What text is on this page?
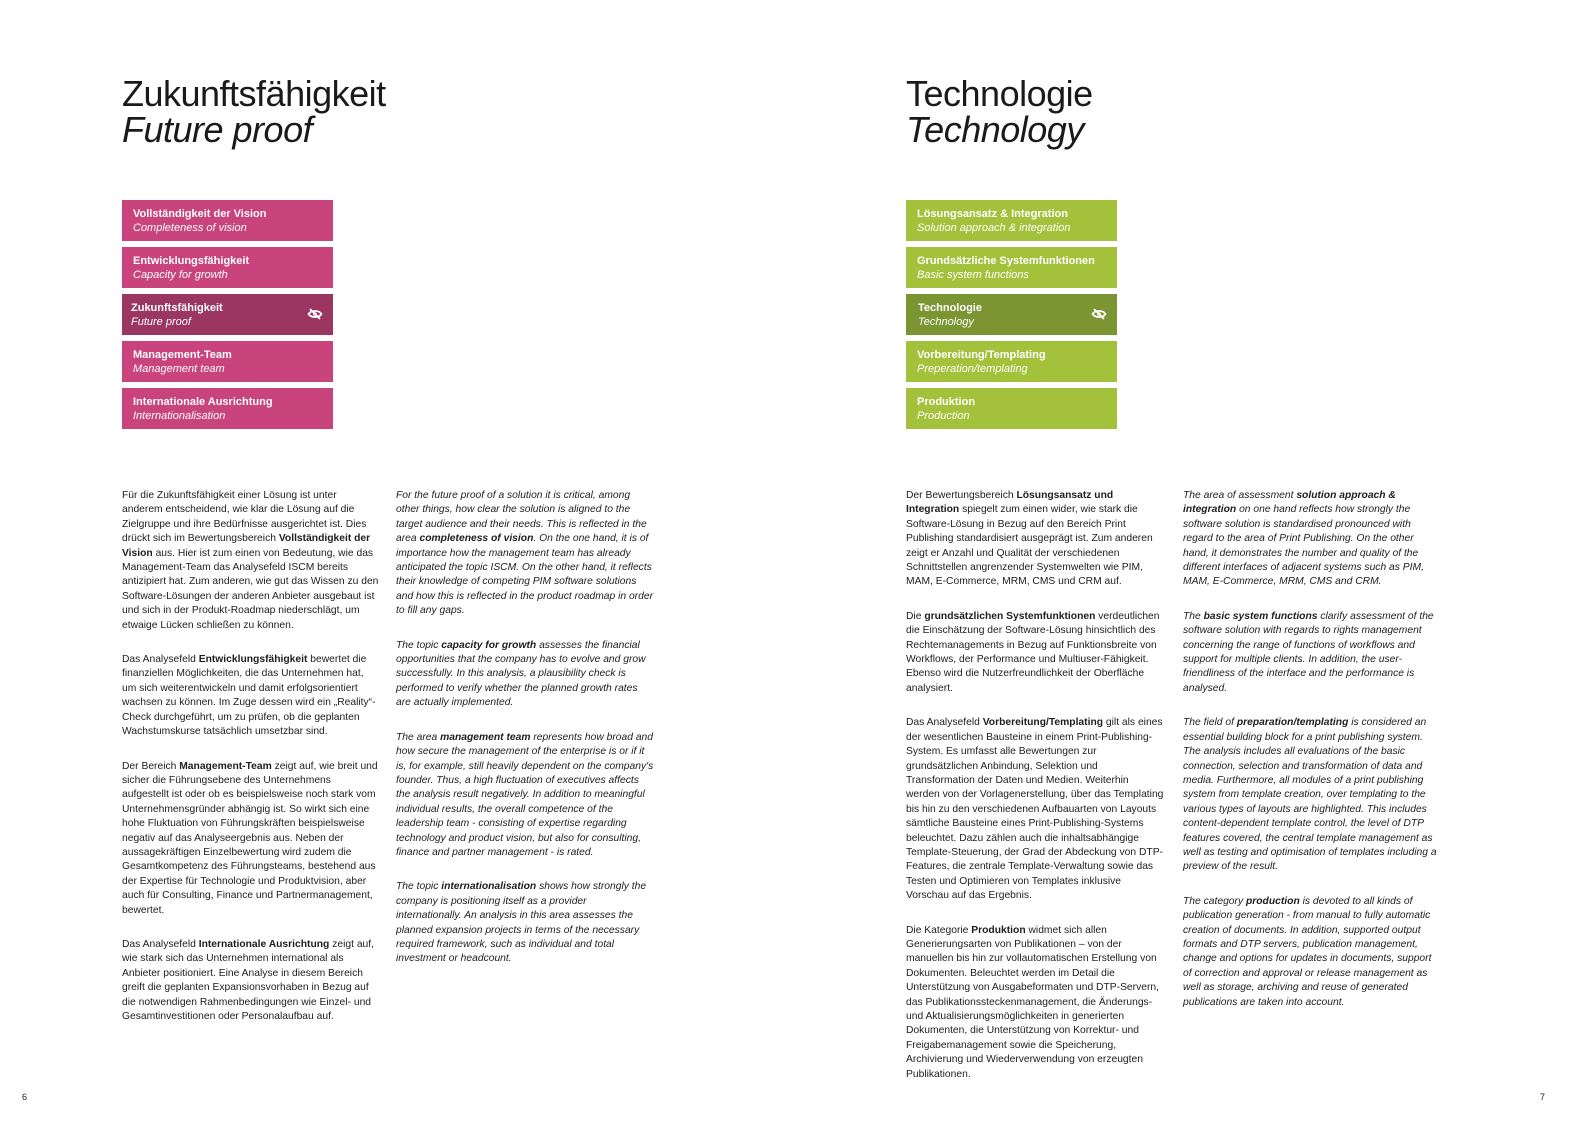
Zukunftsfähigkeit
Future proof
Vollständigkeit der Vision
Completeness of vision
Entwicklungsfähigkeit
Capacity for growth
Zukunftsfähigkeit
Future proof
Management-Team
Management team
Internationale Ausrichtung
Internationalisation

Für die Zukunftsfähigkeit einer Lösung ist unter anderem entscheidend, wie klar die Lösung auf die Zielgruppe und ihre Bedürfnisse ausgerichtet ist. Dies drückt sich im Bewertungsbereich Vollständigkeit der Vision aus. Hier ist zum einen von Bedeutung, wie das Management-Team das Analysefeld ISCM bereits antizipiert hat. Zum anderen, wie gut das Wissen zu den Software-Lösungen der anderen Anbieter ausgebaut ist und sich in der Produkt-Roadmap niederschlägt, um etwaige Lücken schließen zu können.

Das Analysefeld Entwicklungsfähigkeit bewertet die finanziellen Möglichkeiten, die das Unternehmen hat, um sich weiterentwickeln und damit erfolgsorientiert wachsen zu können. Im Zuge dessen wird ein „Reality“-Check durchgeführt, um zu prüfen, ob die geplanten Wachstumskurse tatsächlich umsetzbar sind.

Der Bereich Management-Team zeigt auf, wie breit und sicher die Führungsebene des Unternehmens aufgestellt ist oder ob es beispielsweise noch stark vom Unternehmensgründer abhängig ist. So wirkt sich eine hohe Fluktuation von Führungskräften beispielsweise negativ auf das Analyseergebnis aus. Neben der aussagekräftigen Einzelbewertung wird zudem die Gesamtkompetenz des Führungsteams, bestehend aus der Expertise für Technologie und Produktvision, aber auch für Consulting, Finance und Partnermanagement, bewertet.

Das Analysefeld Internationale Ausrichtung zeigt auf, wie stark sich das Unternehmen international als Anbieter positioniert. Eine Analyse in diesem Bereich greift die geplanten Expansionsvorhaben in Bezug auf die notwendigen Rahmenbedingungen wie Einzel- und Gesamtinvestitionen oder Personalaufbau auf.

For the future proof of a solution it is critical, among other things, how clear the solution is aligned to the target audience and their needs. This is reflected in the area completeness of vision. On the one hand, it is of importance how the management team has already anticipated the topic ISCM. On the other hand, it reflects their knowledge of competing PIM software solutions and how this is reflected in the product roadmap in order to fill any gaps.

The topic capacity for growth assesses the financial opportunities that the company has to evolve and grow successfully. In this analysis, a plausibility check is performed to verify whether the planned growth rates are actually implemented.

The area management team represents how broad and how secure the management of the enterprise is or if it is, for example, still heavily dependent on the company's founder. Thus, a high fluctuation of executives affects the analysis result negatively. In addition to meaningful individual results, the overall competence of the leadership team - consisting of expertise regarding technology and product vision, but also for consulting, finance and partner management - is rated.

The topic internationalisation shows how strongly the company is positioning itself as a provider internationally. An analysis in this area assesses the planned expansion projects in terms of the necessary required framework, such as individual and total investment or headcount.

6
Technologie
Technology
Lösungsansatz & Integration
Solution approach & integration
Grundsätzliche Systemfunktionen
Basic system functions
Technologie
Technology
Vorbereitung/Templating
Preperation/templating
Produktion
Production

Der Bewertungsbereich Lösungsansatz und Integration spiegelt zum einen wider, wie stark die Software-Lösung in Bezug auf den Bereich Print Publishing standardisiert ausgeprägt ist. Zum anderen zeigt er Anzahl und Qualität der verschiedenen Schnittstellen angrenzender Systemwelten wie PIM, MAM, E-Commerce, MRM, CMS und CRM auf.

Die grundsätzlichen Systemfunktionen verdeutlichen die Einschätzung der Software-Lösung hinsichtlich des Rechtemanagements in Bezug auf Funktionsbreite von Workflows, der Performance und Multiuser-Fähigkeit. Ebenso wird die Nutzerfreundlichkeit der Oberfläche analysiert.

Das Analysefeld Vorbereitung/Templating gilt als eines der wesentlichen Bausteine in einem Print-Publishing-System. Es umfasst alle Bewertungen zur grundsätzlichen Anbindung, Selektion und Transformation der Daten und Medien. Weiterhin werden von der Vorlagenerstellung, über das Templating bis hin zu den verschiedenen Aufbauarten von Layouts sämtliche Bausteine eines Print-Publishing-Systems beleuchtet. Dazu zählen auch die inhaltsabhängige Template-Steuerung, der Grad der Abdeckung von DTP-Features, die zentrale Template-Verwaltung sowie das Testen und Optimieren von Templates inklusive Vorschau auf das Ergebnis.

Die Kategorie Produktion widmet sich allen Generierungsarten von Publikationen – von der manuellen bis hin zur vollautomatischen Erstellung von Dokumenten. Beleuchtet werden im Detail die Unterstützung von Ausgabeformaten und DTP-Servern, das Publikationssteckenmanagement, die Änderungs- und Aktualisierungsmöglichkeiten in generierten Dokumenten, die Unterstützung von Korrektur- und Freigabemanagement sowie die Speicherung, Archivierung und Wiederverwendung von erzeugten Publikationen.

The area of assessment solution approach & integration on one hand reflects how strongly the software solution is standardised pronounced with regard to the area of Print Publishing. On the other hand, it demonstrates the number and quality of the different interfaces of adjacent systems such as PIM, MAM, E-Commerce, MRM, CMS and CRM.

The basic system functions clarify assessment of the software solution with regards to rights management concerning the range of functions of workflows and support for multiple clients. In addition, the user-friendliness of the interface and the performance is analysed.

The field of preparation/templating is considered an essential building block for a print publishing system. The analysis includes all evaluations of the basic connection, selection and transformation of data and media. Furthermore, all modules of a print publishing system from template creation, over templating to the various types of layouts are highlighted. This includes content-dependent template control, the level of DTP features covered, the central template management as well as testing and optimisation of templates including a preview of the result.

The category production is devoted to all kinds of publication generation - from manual to fully automatic creation of documents. In addition, supported output formats and DTP servers, publication management, change and options for updates in documents, support of correction and approval or release management as well as storage, archiving and reuse of generated publications are taken into account.

7
